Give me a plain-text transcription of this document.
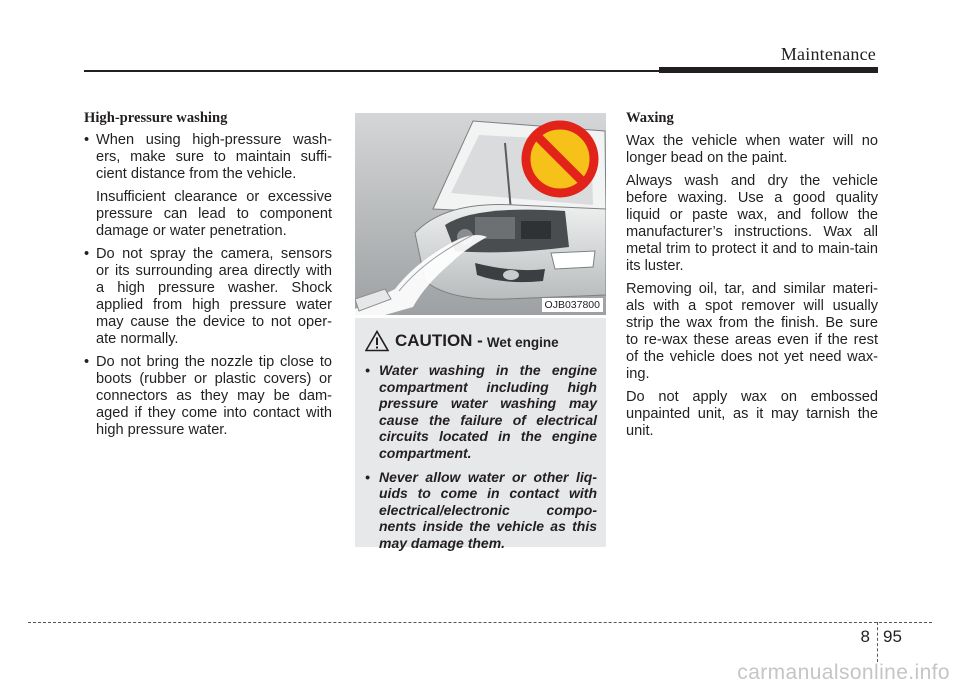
Maintenance
High-pressure washing
• When using high-pressure wash-ers, make sure to maintain suffi-cient distance from the vehicle.
Insufficient clearance or excessive pressure can lead to component damage or water penetration.
• Do not spray the camera, sensors or its surrounding area directly with a high pressure washer. Shock applied from high pressure water may cause the device to not oper-ate normally.
• Do not bring the nozzle tip close to boots (rubber or plastic covers) or connectors as they may be dam-aged if they come into contact with high pressure water.
OJB037800
CAUTION - Wet engine
• Water washing in the engine compartment including high pressure water washing may cause the failure of electrical circuits located in the engine compartment.
• Never allow water or other liq-uids to come in contact with electrical/electronic compo-nents inside the vehicle as this may damage them.
Waxing
Wax the vehicle when water will no longer bead on the paint.
Always wash and dry the vehicle before waxing. Use a good quality liquid or paste wax, and follow the manufacturer’s instructions. Wax all metal trim to protect it and to main-tain its luster.
Removing oil, tar, and similar materi-als with a spot remover will usually strip the wax from the finish. Be sure to re-wax these areas even if the rest of the vehicle does not yet need wax-ing.
Do not apply wax on embossed unpainted unit, as it may tarnish the unit.
8 95
carmanualsonline.info
